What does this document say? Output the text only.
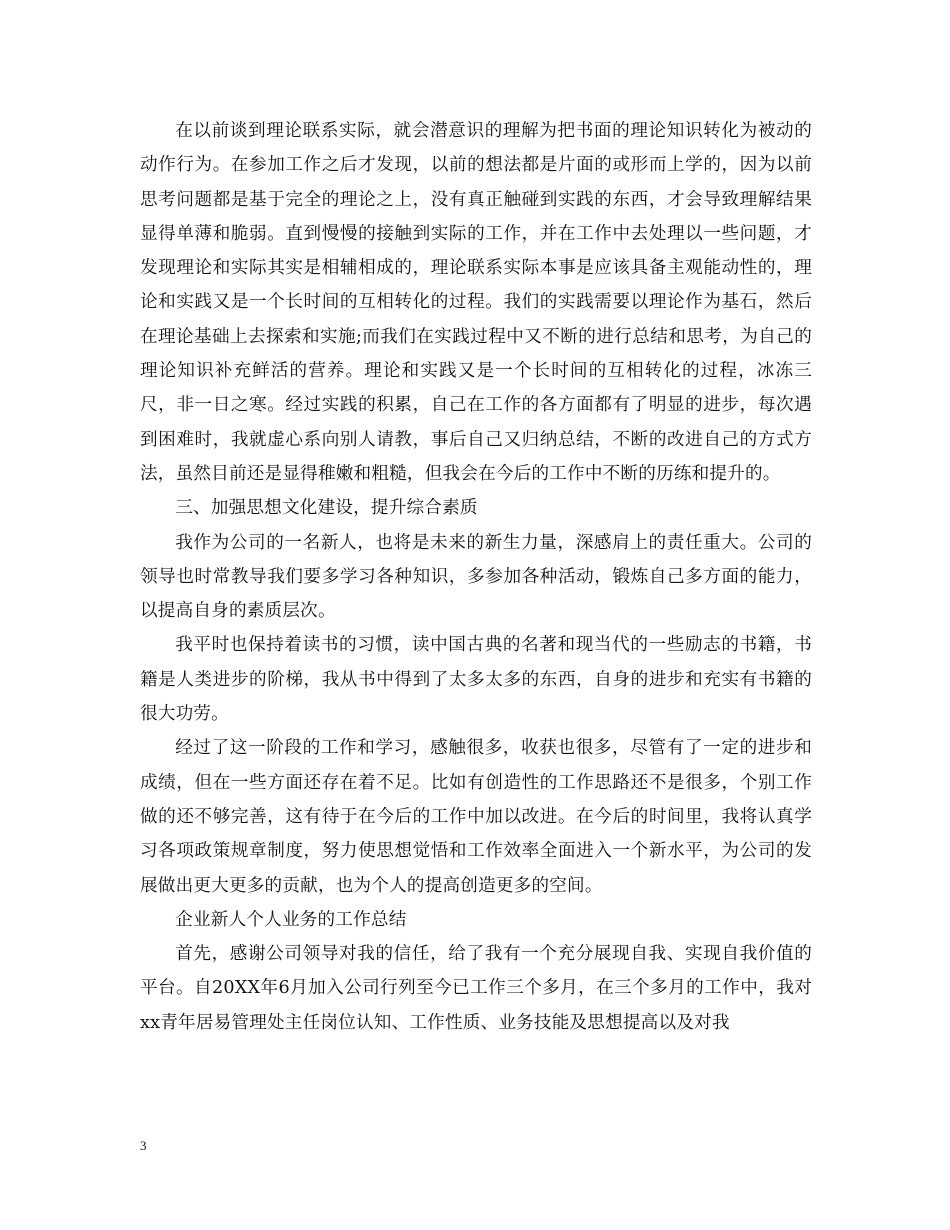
在以前谈到理论联系实际，就会潜意识的理解为把书面的理论知识转化为被动的动作行为。在参加工作之后才发现，以前的想法都是片面的或形而上学的，因为以前思考问题都是基于完全的理论之上，没有真正触碰到实践的东西，才会导致理解结果显得单薄和脆弱。直到慢慢的接触到实际的工作，并在工作中去处理以一些问题，才发现理论和实际其实是相辅相成的，理论联系实际本事是应该具备主观能动性的，理论和实践又是一个长时间的互相转化的过程。我们的实践需要以理论作为基石，然后在理论基础上去探索和实施;而我们在实践过程中又不断的进行总结和思考，为自己的理论知识补充鲜活的营养。理论和实践又是一个长时间的互相转化的过程，冰冻三尺，非一日之寒。经过实践的积累，自己在工作的各方面都有了明显的进步，每次遇到困难时，我就虚心系向别人请教，事后自己又归纳总结，不断的改进自己的方式方法，虽然目前还是显得稚嫩和粗糙，但我会在今后的工作中不断的历练和提升的。

三、加强思想文化建设，提升综合素质

我作为公司的一名新人，也将是未来的新生力量，深感肩上的责任重大。公司的领导也时常教导我们要多学习各种知识，多参加各种活动，锻炼自己多方面的能力，以提高自身的素质层次。

我平时也保持着读书的习惯，读中国古典的名著和现当代的一些励志的书籍，书籍是人类进步的阶梯，我从书中得到了太多太多的东西，自身的进步和充实有书籍的很大功劳。

经过了这一阶段的工作和学习，感触很多，收获也很多，尽管有了一定的进步和成绩，但在一些方面还存在着不足。比如有创造性的工作思路还不是很多，个别工作做的还不够完善，这有待于在今后的工作中加以改进。在今后的时间里，我将认真学习各项政策规章制度，努力使思想觉悟和工作效率全面进入一个新水平，为公司的发展做出更大更多的贡献，也为个人的提高创造更多的空间。

企业新人个人业务的工作总结

首先，感谢公司领导对我的信任，给了我有一个充分展现自我、实现自我价值的平台。自20XX年6月加入公司行列至今已工作三个多月，在三个多月的工作中，我对xx青年居易管理处主任岗位认知、工作性质、业务技能及思想提高以及对我

3
